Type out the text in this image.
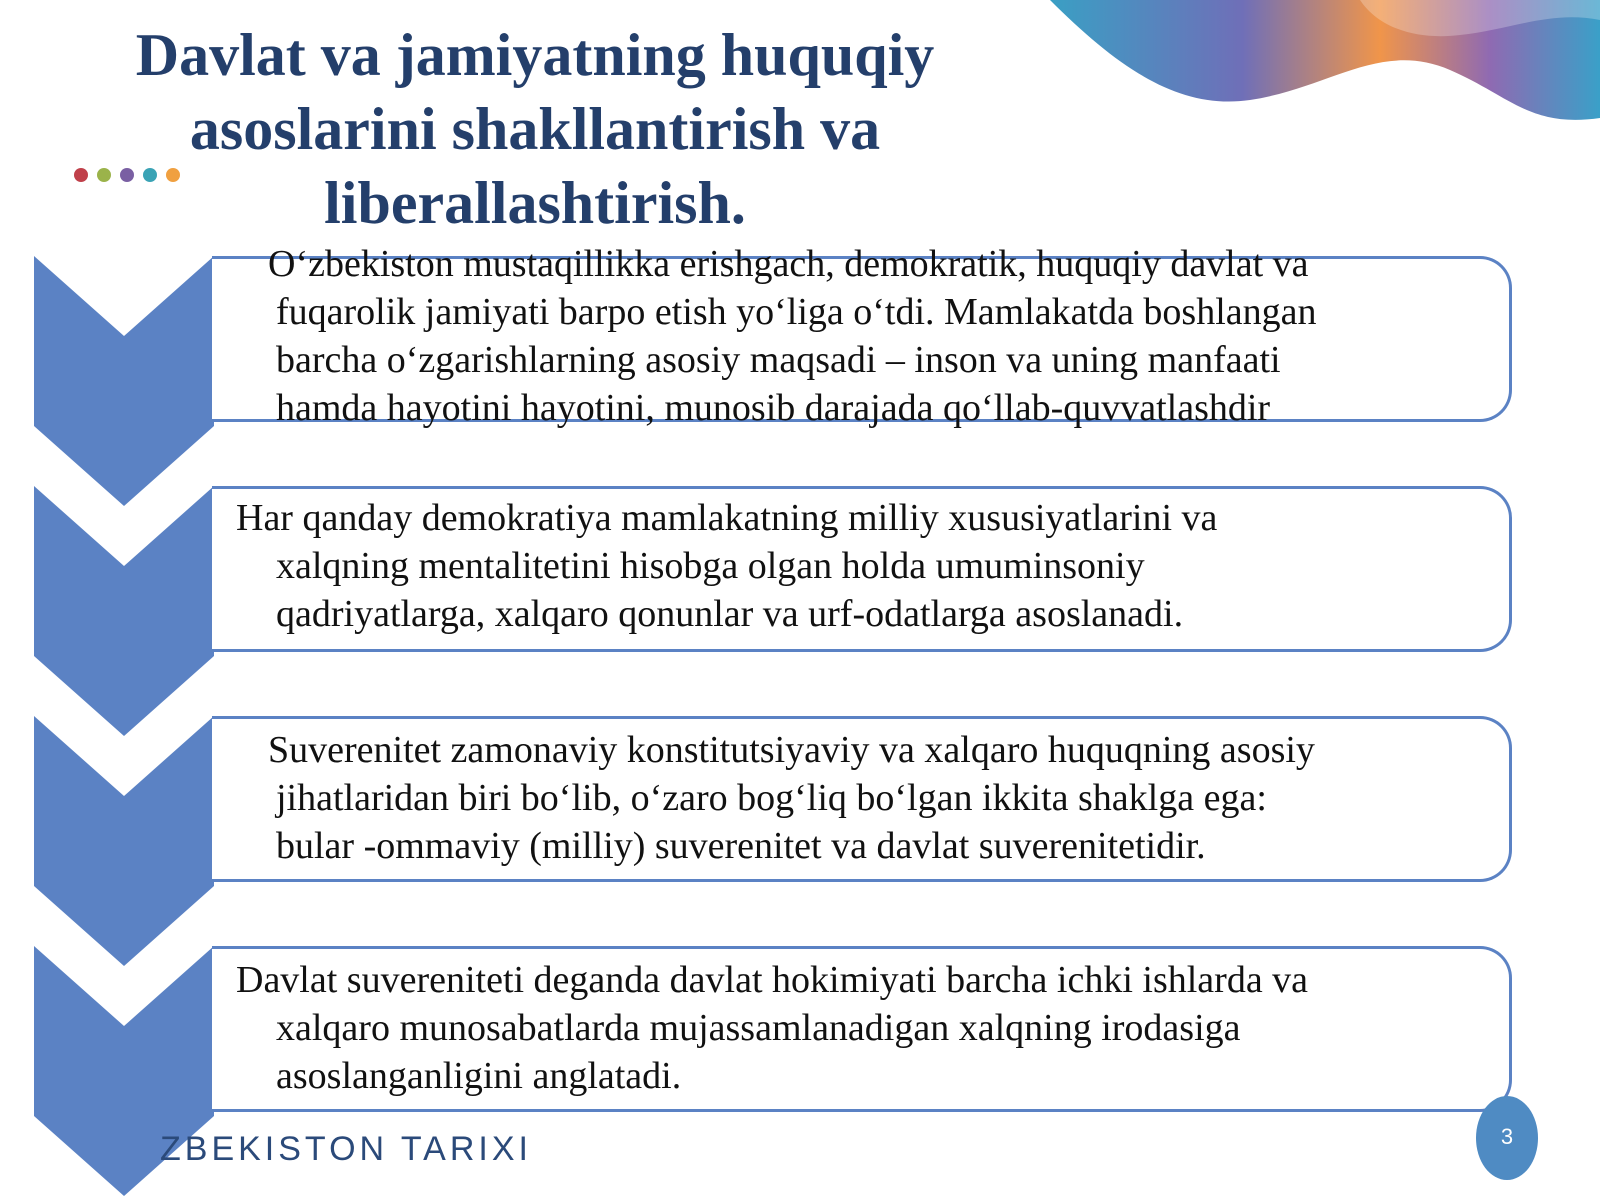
Davlat va jamiyatning huquqiy
asoslarini shakllantirish va
liberallashtirish.
O‘zbekiston mustaqillikka erishgach, demokratik, huquqiy davlat va
fuqarolik jamiyati barpo etish yo‘liga o‘tdi. Mamlakatda boshlangan
barcha o‘zgarishlarning asosiy maqsadi – inson va uning manfaati
hamda hayotini hayotini, munosib darajada qo‘llab-quvvatlashdir
Har qanday demokratiya mamlakatning milliy xususiyatlarini va
xalqning mentalitetini hisobga olgan holda umuminsoniy
qadriyatlarga, xalqaro qonunlar va urf-odatlarga asoslanadi.
Suverenitet zamonaviy konstitutsiyaviy va xalqaro huquqning asosiy
jihatlaridan biri bo‘lib, o‘zaro bog‘liq bo‘lgan ikkita shaklga ega:
bular -ommaviy (milliy) suverenitet va davlat suverenitetidir.
Davlat suvereniteti deganda davlat hokimiyati barcha ichki ishlarda va
xalqaro munosabatlarda mujassamlanadigan xalqning irodasiga
asoslanganligini anglatadi.

ZBEKISTON TARIXI	3
